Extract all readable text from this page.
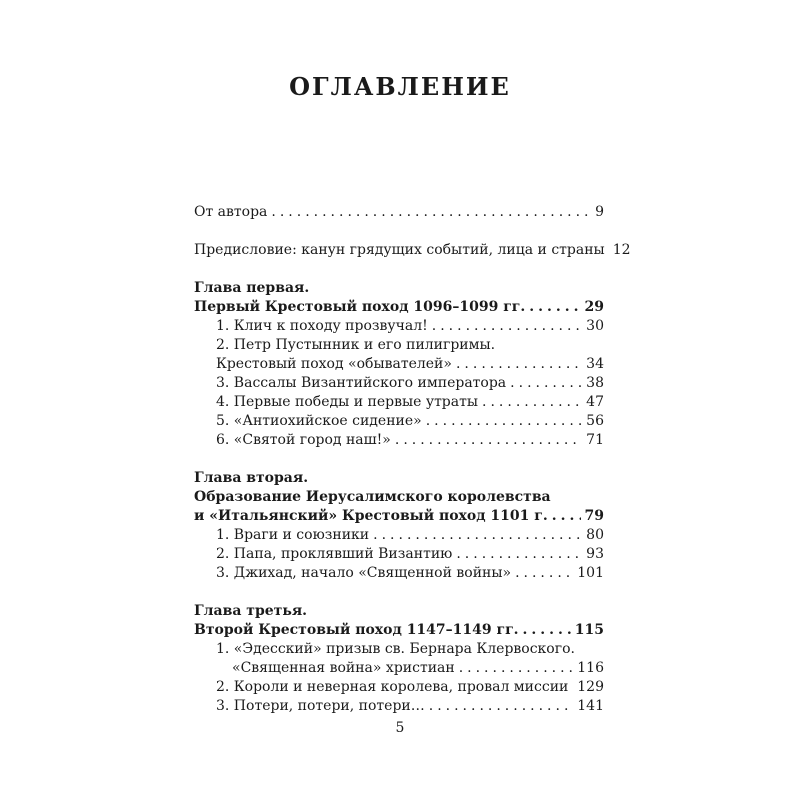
ОГЛАВЛЕНИЕ
От автора .....	9
Предисловие: канун грядущих событий, лица и страны 12
Глава первая.
Первый Крестовый поход 1096–1099 гг. .....	29
1. Клич к походу прозвучал! .....	30
2. Петр Пустынник и его пилигримы.
Крестовый поход «обывателей» .....	34
3. Вассалы Византийского императора .....	38
4. Первые победы и первые утраты .....	47
5. «Антиохийское сидение» .....	56
6. «Святой город наш!» .....	71
Глава вторая.
Образование Иерусалимского королевства
и «Итальянский» Крестовый поход 1101 г. .....	79
1. Враги и союзники .....	80
2. Папа, проклявший Византию .....	93
3. Джихад, начало «Священной войны» .....	101
Глава третья.
Второй Крестовый поход 1147–1149 гг. .....	115
1. «Эдесский» призыв св. Бернара Клервоского.
«Священная война» христиан .....	116
2. Короли и неверная королева, провал миссии ..... 129
3. Потери, потери, потери… .....	141
5
